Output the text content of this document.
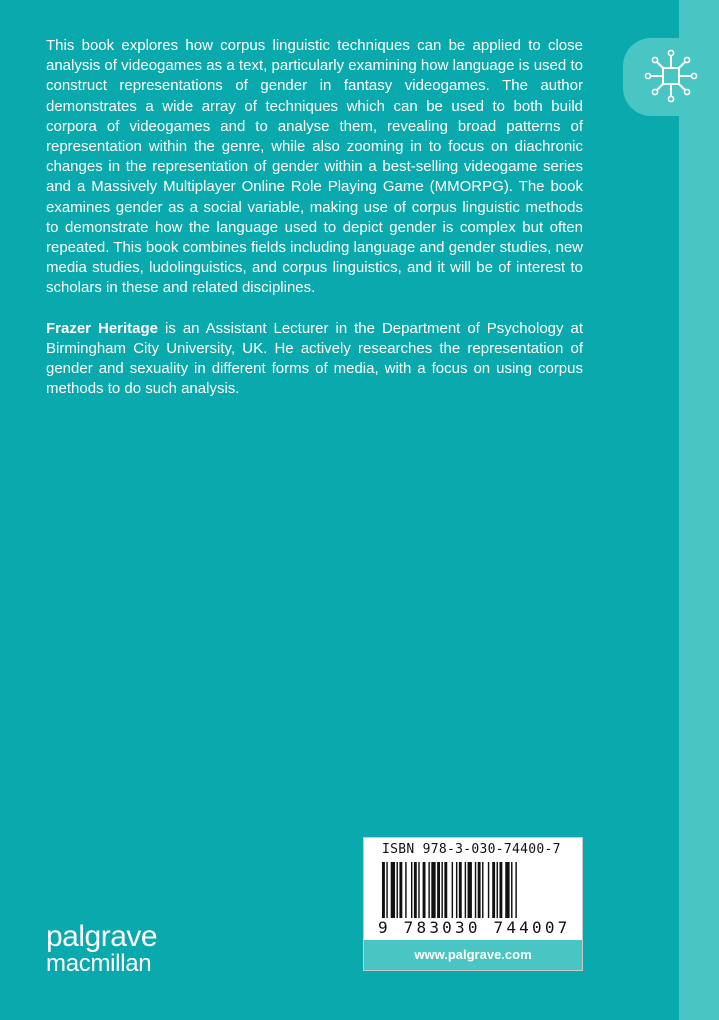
This book explores how corpus linguistic techniques can be applied to close analysis of videogames as a text, particularly examining how language is used to construct representations of gender in fantasy videogames. The author demonstrates a wide array of techniques which can be used to both build corpora of videogames and to analyse them, revealing broad patterns of representation within the genre, while also zooming in to focus on diachronic changes in the representation of gender within a best-selling videogame series and a Massively Multiplayer Online Role Playing Game (MMORPG). The book examines gender as a social variable, making use of corpus linguistic methods to demonstrate how the language used to depict gender is complex but often repeated. This book combines fields including language and gender studies, new media studies, ludolinguistics, and corpus linguistics, and it will be of interest to scholars in these and related disciplines.

Frazer Heritage is an Assistant Lecturer in the Department of Psychology at Birmingham City University, UK. He actively researches the representation of gender and sexuality in different forms of media, with a focus on using corpus methods to do such analysis.

ISBN 978-3-030-74400-7
9 783030 744007
www.palgrave.com
palgrave
macmillan
